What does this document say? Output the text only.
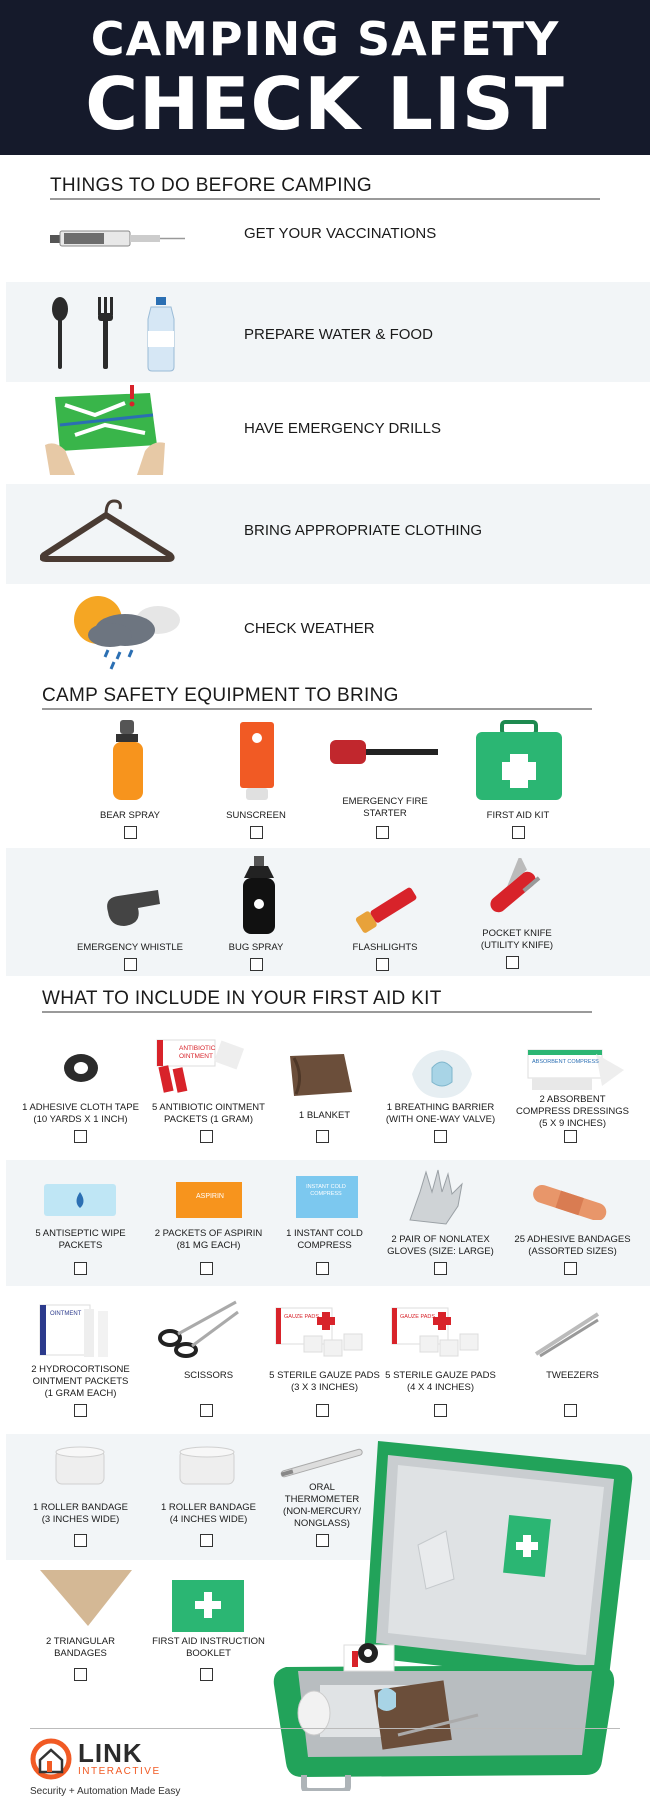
CAMPING SAFETY
CHECK LIST
THINGS TO DO BEFORE CAMPING
GET YOUR VACCINATIONS
PREPARE WATER & FOOD
HAVE EMERGENCY DRILLS
BRING APPROPRIATE CLOTHING
CHECK WEATHER
CAMP SAFETY EQUIPMENT TO BRING
BEAR SPRAY	SUNSCREEN
EMERGENCY FIRE
STARTER	FIRST AID KIT
EMERGENCY WHISTLE	BUG SPRAY	FLASHLIGHTS
POCKET KNIFE
(UTILITY KNIFE)
WHAT TO INCLUDE IN YOUR FIRST AID KIT
ANTIBIOTIC
OINTMENT
ABSORBENT COMPRESS
1 ADHESIVE CLOTH TAPE
(10 YARDS X 1 INCH)
5 ANTIBIOTIC OINTMENT
PACKETS (1 GRAM)	1 BLANKET
1 BREATHING BARRIER
(WITH ONE-WAY VALVE)
2 ABSORBENT
COMPRESS DRESSINGS
(5 X 9 INCHES)
ASPIRIN
INSTANT COLD
COMPRESS
5 ANTISEPTIC WIPE
PACKETS
2 PACKETS OF ASPIRIN
(81 MG EACH)
1 INSTANT COLD
COMPRESS
2 PAIR OF NONLATEX
GLOVES (SIZE: LARGE)
25 ADHESIVE BANDAGES
(ASSORTED SIZES)
OINTMENT	GAUZE PADS	GAUZE PADS
2 HYDROCORTISONE
OINTMENT PACKETS
(1 GRAM EACH)
SCISSORS	5 STERILE GAUZE PADS
(3 X 3 INCHES)
5 STERILE GAUZE PADS
(4 X 4 INCHES)
TWEEZERS
1 ROLLER BANDAGE
(3 INCHES WIDE)
1 ROLLER BANDAGE
(4 INCHES WIDE)
ORAL
THERMOMETER
(NON-MERCURY/
NONGLASS)
2 TRIANGULAR
BANDAGES
FIRST AID INSTRUCTION
BOOKLET
LINK
INTERACTIVE
Security + Automation Made Easy
